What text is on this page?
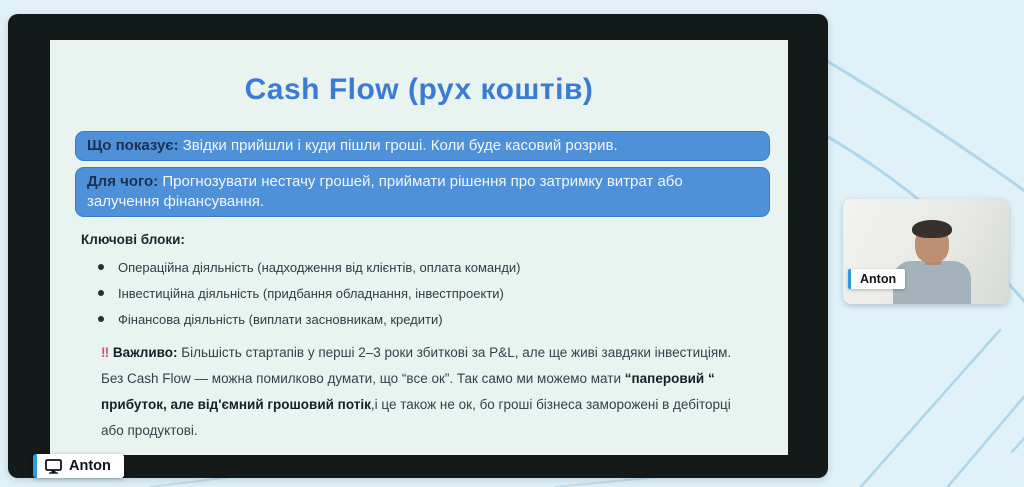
Cash Flow (рух коштів)
Що показує: Звідки прийшли і куди пішли гроші. Коли буде касовий розрив.
Для чого: Прогнозувати нестачу грошей, приймати рішення про затримку витрат або залучення фінансування.
Ключові блоки:
Операційна діяльність (надходження від клієнтів, оплата команди)
Інвестиційна діяльність (придбання обладнання, інвестпроекти)
Фінансова діяльність (виплати засновникам, кредити)
‼ Важливо: Більшість стартапів у перші 2–3 роки збиткові за P&L, але ще живі завдяки інвестиціям. Без Cash Flow — можна помилково думати, що “все ок”. Так само ми можемо мати “паперовий “ прибуток, але від'ємний грошовий потік,і це також не ок, бо гроші бізнеса заморожені в дебіторці або продуктові.
Anton
Anton
